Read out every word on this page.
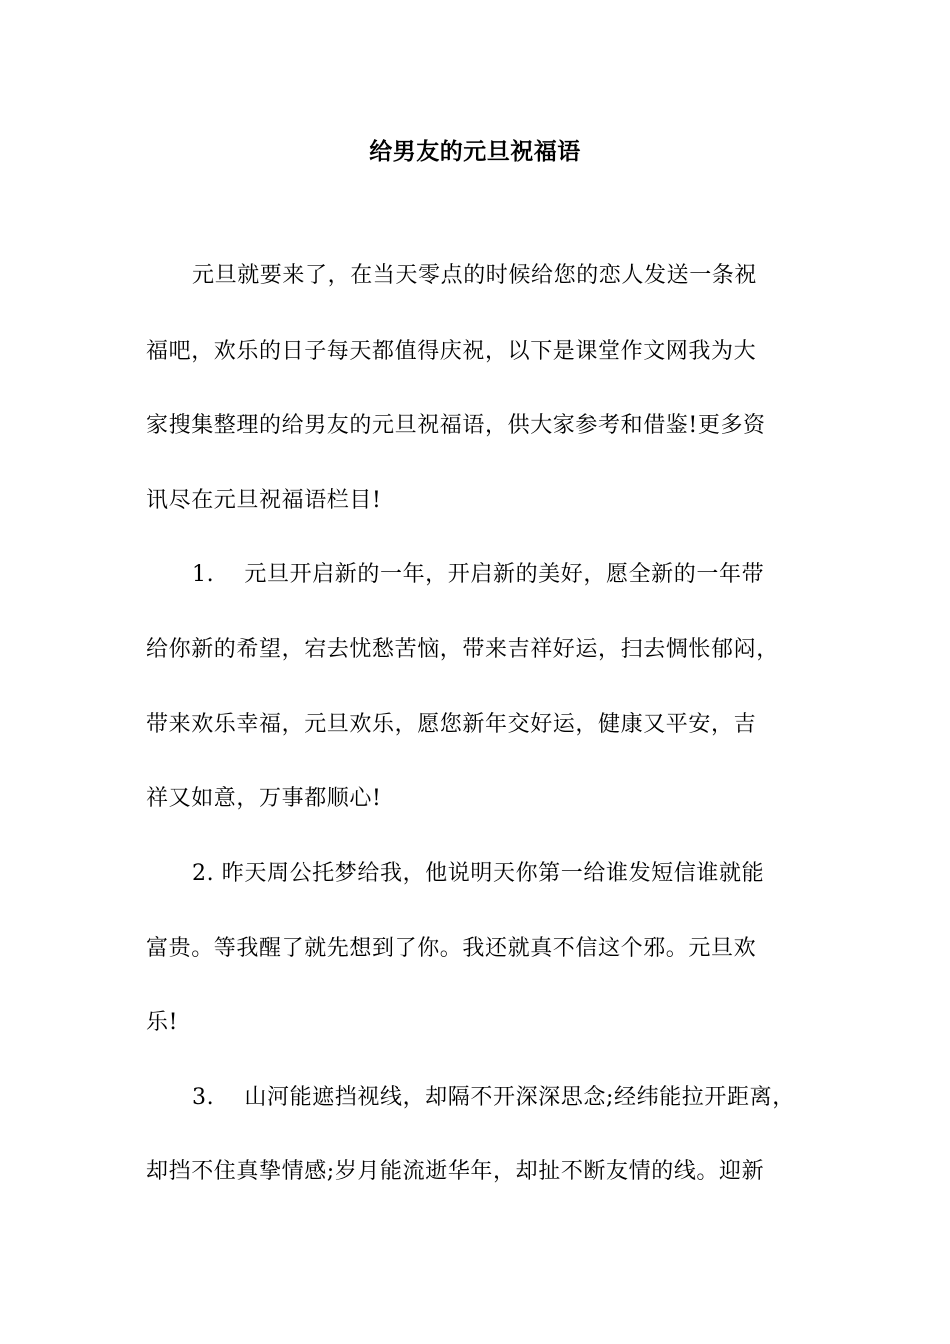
给男友的元旦祝福语
元旦就要来了，在当天零点的时候给您的恋人发送一条祝
福吧，欢乐的日子每天都值得庆祝，以下是课堂作文网我为大
家搜集整理的给男友的元旦祝福语，供大家参考和借鉴!更多资
讯尽在元旦祝福语栏目!
1.　 元旦开启新的一年，开启新的美好，愿全新的一年带
给你新的希望，宕去忧愁苦恼，带来吉祥好运，扫去惆怅郁闷，
带来欢乐幸福，元旦欢乐，愿您新年交好运，健康又平安，吉
祥又如意，万事都顺心!
2. 昨天周公托梦给我，他说明天你第一给谁发短信谁就能
富贵。等我醒了就先想到了你。我还就真不信这个邪。元旦欢
乐!
3.　 山河能遮挡视线，却隔不开深深思念;经纬能拉开距离，
却挡不住真挚情感;岁月能流逝华年，却扯不断友情的线。迎新
